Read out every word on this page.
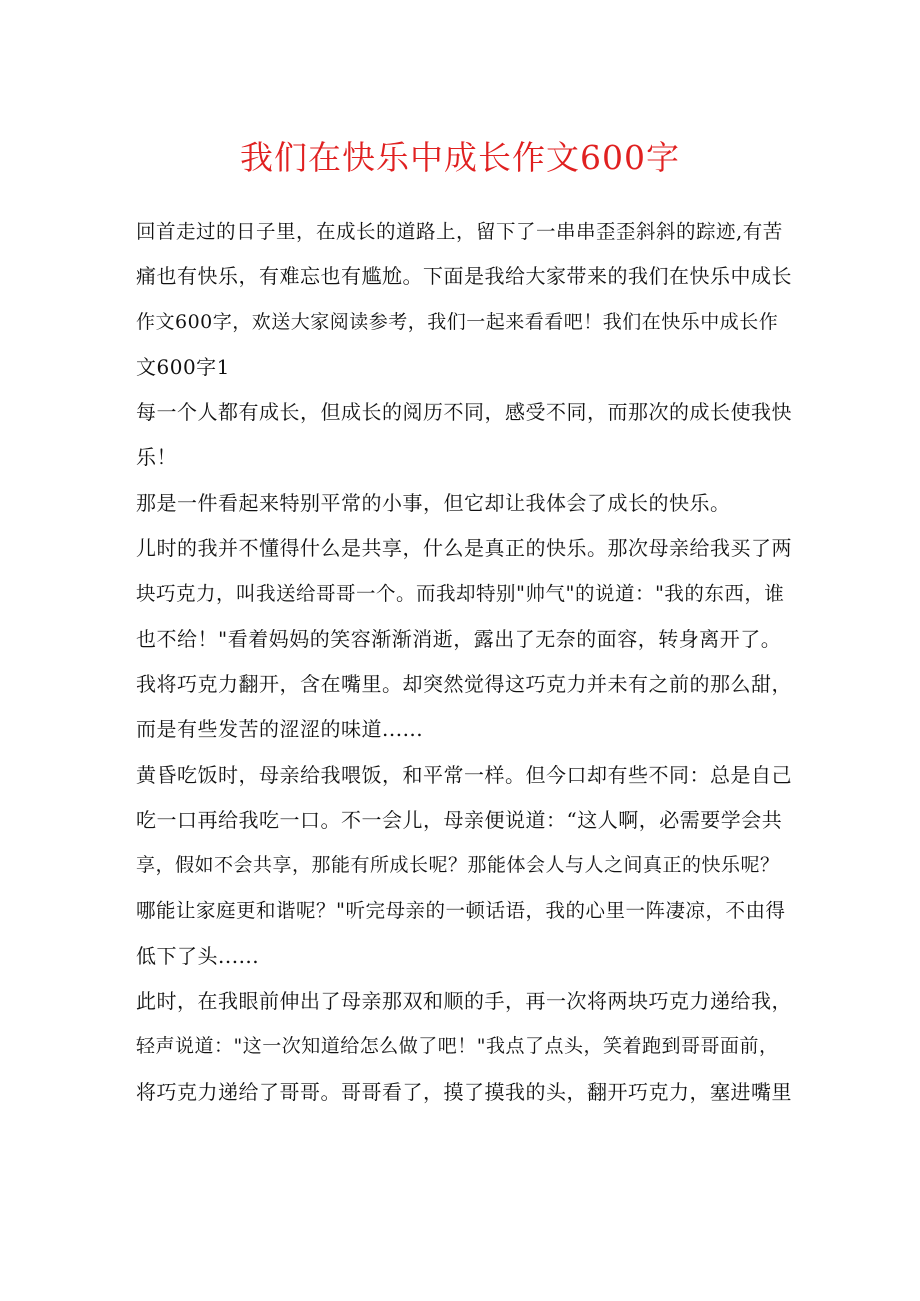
我们在快乐中成长作文600字
回首走过的日子里，在成长的道路上，留下了一串串歪歪斜斜的踪迹,有苦
痛也有快乐，有难忘也有尴尬。下面是我给大家带来的我们在快乐中成长
作文600字，欢送大家阅读参考，我们一起来看看吧！我们在快乐中成长作
文600字1
每一个人都有成长，但成长的阅历不同，感受不同，而那次的成长使我快
乐！
那是一件看起来特别平常的小事，但它却让我体会了成长的快乐。
儿时的我并不懂得什么是共享，什么是真正的快乐。那次母亲给我买了两
块巧克力，叫我送给哥哥一个。而我却特别"帅气"的说道："我的东西，谁
也不给！"看着妈妈的笑容渐渐消逝，露出了无奈的面容，转身离开了。
我将巧克力翻开，含在嘴里。却突然觉得这巧克力并未有之前的那么甜，
而是有些发苦的涩涩的味道......
黄昏吃饭时，母亲给我喂饭，和平常一样。但今口却有些不同：总是自己
吃一口再给我吃一口。不一会儿，母亲便说道：“这人啊，必需要学会共
享，假如不会共享，那能有所成长呢？那能体会人与人之间真正的快乐呢？
哪能让家庭更和谐呢？"听完母亲的一顿话语，我的心里一阵凄凉，不由得
低下了头......
此时，在我眼前伸出了母亲那双和顺的手，再一次将两块巧克力递给我，
轻声说道："这一次知道给怎么做了吧！"我点了点头，笑着跑到哥哥面前，
将巧克力递给了哥哥。哥哥看了，摸了摸我的头，翻开巧克力，塞进嘴里
